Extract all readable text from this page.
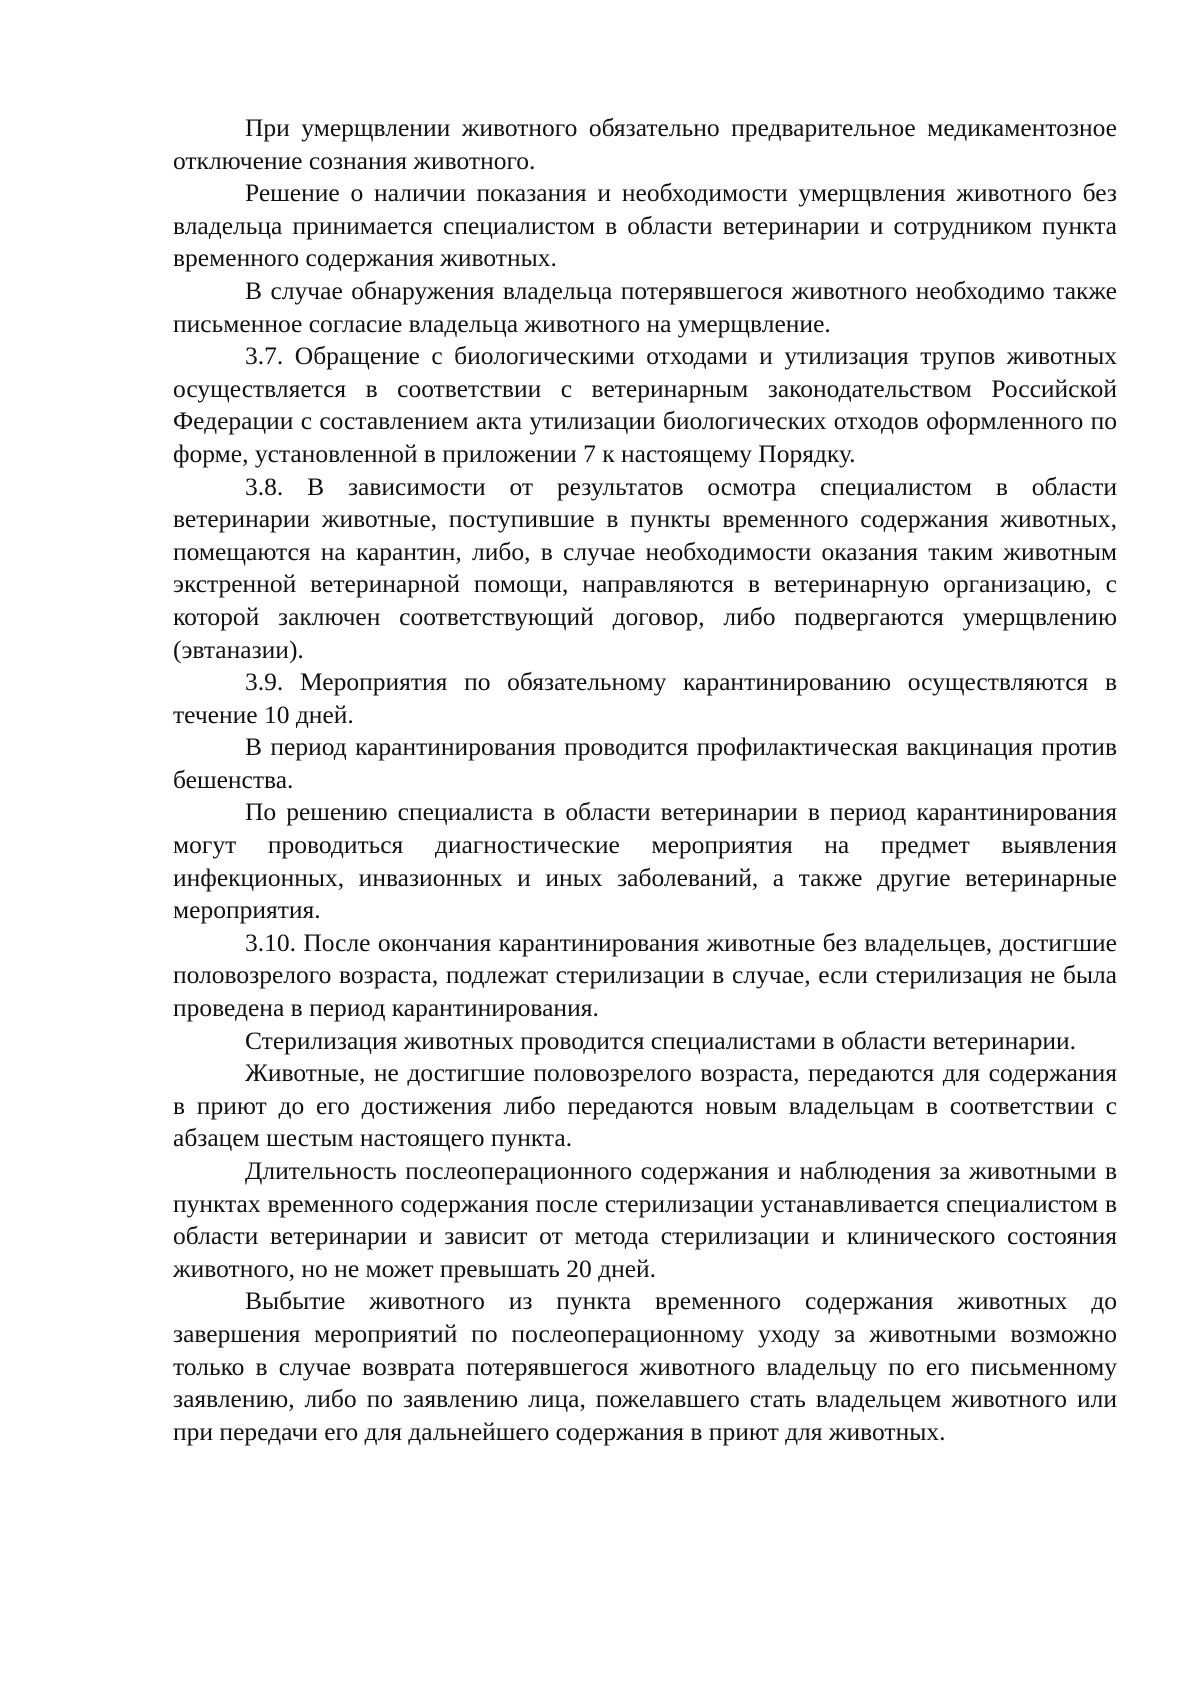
При умерщвлении животного обязательно предварительное медикаментозное отключение сознания животного.

Решение о наличии показания и необходимости умерщвления животного без владельца принимается специалистом в области ветеринарии и сотрудником пункта временного содержания животных.

В случае обнаружения владельца потерявшегося животного необходимо также письменное согласие владельца животного на умерщвление.

3.7. Обращение с биологическими отходами и утилизация трупов животных осуществляется в соответствии с ветеринарным законодательством Российской Федерации с составлением акта утилизации биологических отходов оформленного по форме, установленной в приложении 7 к настоящему Порядку.

3.8. В зависимости от результатов осмотра специалистом в области ветеринарии животные, поступившие в пункты временного содержания животных, помещаются на карантин, либо, в случае необходимости оказания таким животным экстренной ветеринарной помощи, направляются в ветеринарную организацию, с которой заключен соответствующий договор, либо подвергаются умерщвлению (эвтаназии).

3.9. Мероприятия по обязательному карантинированию осуществляются в течение 10 дней.

В период карантинирования проводится профилактическая вакцинация против бешенства.

По решению специалиста в области ветеринарии в период карантинирования могут проводиться диагностические мероприятия на предмет выявления инфекционных, инвазионных и иных заболеваний, а также другие ветеринарные мероприятия.

3.10. После окончания карантинирования животные без владельцев, достигшие половозрелого возраста, подлежат стерилизации в случае, если стерилизация не была проведена в период карантинирования.

Стерилизация животных проводится специалистами в области ветеринарии.

Животные, не достигшие половозрелого возраста, передаются для содержания в приют до его достижения либо передаются новым владельцам в соответствии с абзацем шестым настоящего пункта.

Длительность послеоперационного содержания и наблюдения за животными в пунктах временного содержания после стерилизации устанавливается специалистом в области ветеринарии и зависит от метода стерилизации и клинического состояния животного, но не может превышать 20 дней.

Выбытие животного из пункта временного содержания животных до завершения мероприятий по послеоперационному уходу за животными возможно только в случае возврата потерявшегося животного владельцу по его письменному заявлению, либо по заявлению лица, пожелавшего стать владельцем животного или при передачи его для дальнейшего содержания в приют для животных.
